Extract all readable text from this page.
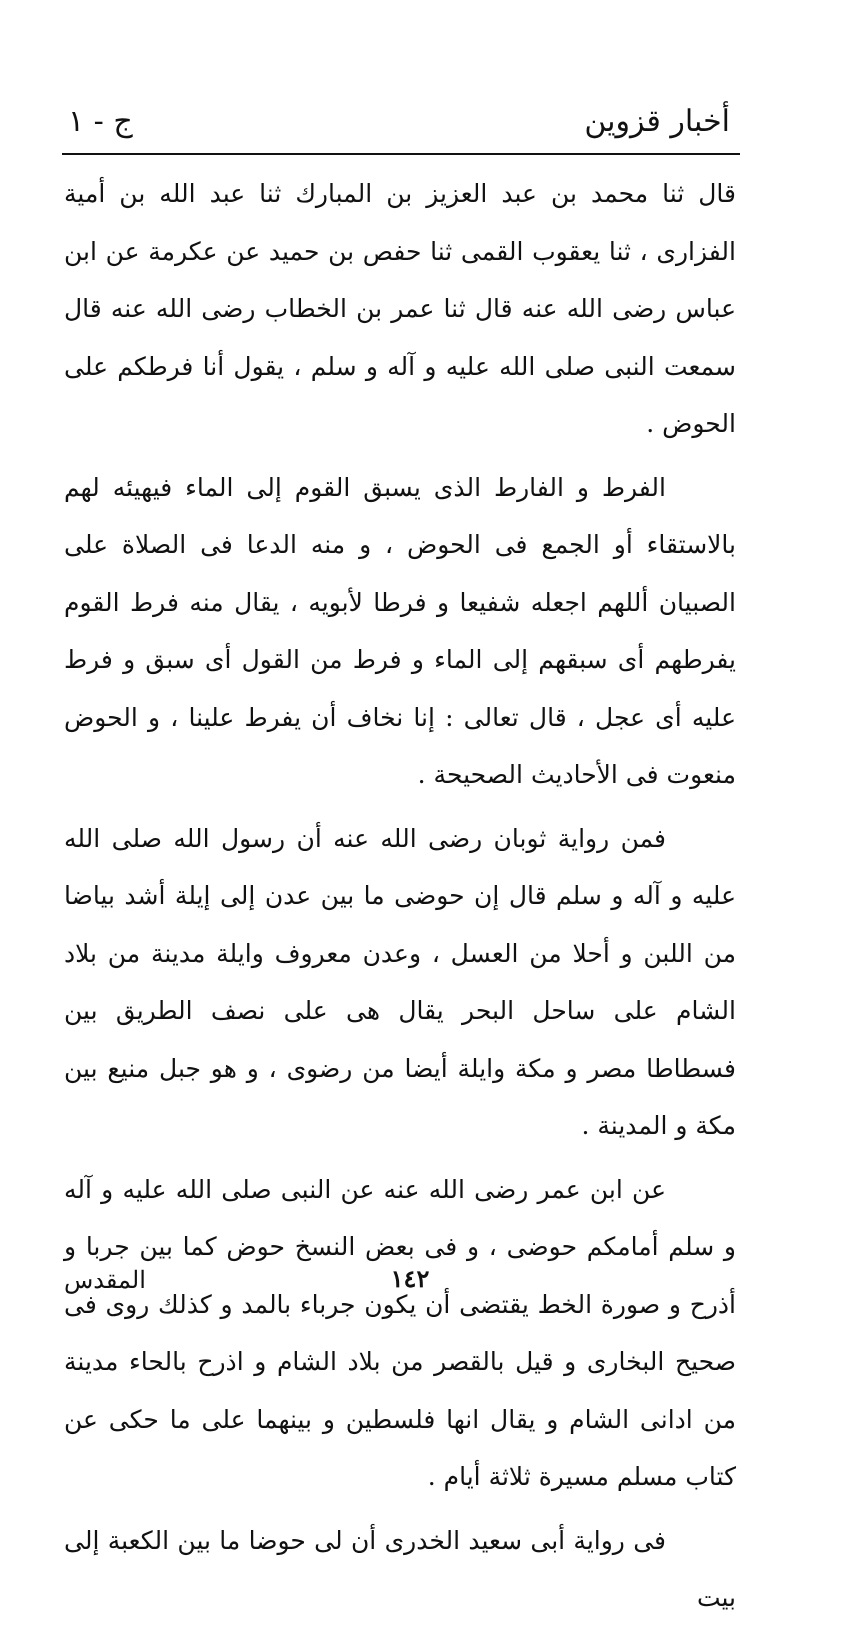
أخبار قزوين
ج - ١

قال ثنا محمد بن عبد العزيز بن المبارك ثنا عبد الله بن أمية الفزارى ، ثنا يعقوب القمى ثنا حفص بن حميد عن عكرمة عن ابن عباس رضى الله عنه قال ثنا عمر بن الخطاب رضى الله عنه قال سمعت النبى صلى الله عليه و آله و سلم ، يقول أنا فرطكم على الحوض .

الفرط و الفارط الذى يسبق القوم إلى الماء فيهيئه لهم بالاستقاء أو الجمع فى الحوض ، و منه الدعا فى الصلاة على الصبيان أللهم اجعله شفيعا و فرطا لأبويه ، يقال منه فرط القوم يفرطهم أى سبقهم إلى الماء و فرط من القول أى سبق و فرط عليه أى عجل ، قال تعالى : إنا نخاف أن يفرط علينا ، و الحوض منعوت فى الأحاديث الصحيحة .

فمن رواية ثوبان رضى الله عنه أن رسول الله صلى الله عليه و آله و سلم قال إن حوضى ما بين عدن إلى إيلة أشد بياضا من اللبن و أحلا من العسل ، وعدن معروف وايلة مدينة من بلاد الشام على ساحل البحر يقال هى على نصف الطريق بين فسطاطا مصر و مكة وايلة أيضا من رضوى ، و هو جبل منيع بين مكة و المدينة .

عن ابن عمر رضى الله عنه عن النبى صلى الله عليه و آله و سلم أمامكم حوضى ، و فى بعض النسخ حوض كما بين جربا و أذرح و صورة الخط يقتضى أن يكون جرباء بالمد و كذلك روى فى صحيح البخارى و قيل بالقصر من بلاد الشام و اذرح بالحاء مدينة من ادانى الشام و يقال انها فلسطين و بينهما على ما حكى عن كتاب مسلم مسيرة ثلاثة أيام .

فى رواية أبى سعيد الخدرى أن لى حوضا ما بين الكعبة إلى بيت

المقدس	١٤٢
